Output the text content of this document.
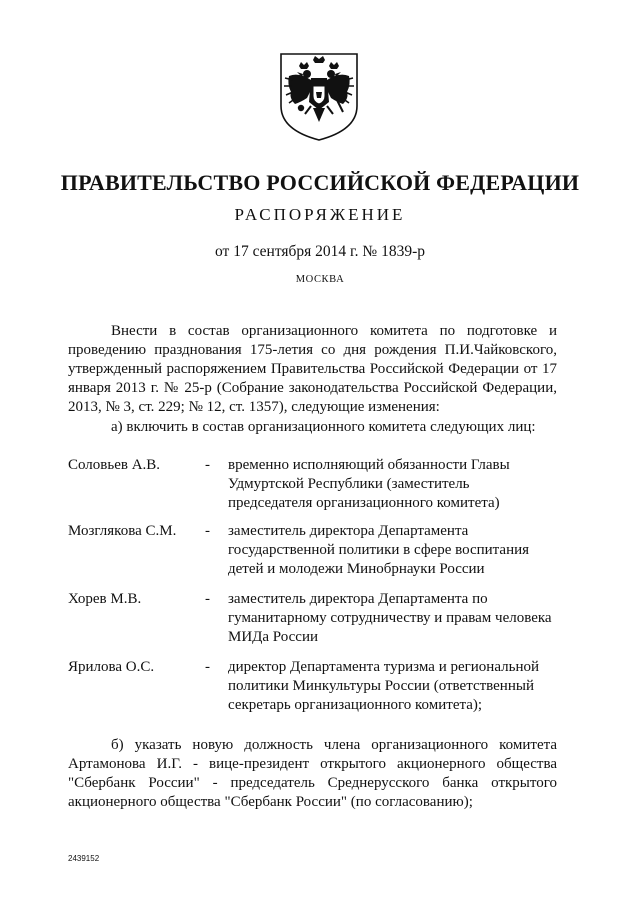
ПРАВИТЕЛЬСТВО РОССИЙСКОЙ ФЕДЕРАЦИИ
РАСПОРЯЖЕНИЕ
от 17 сентября 2014 г. № 1839-р
МОСКВА

Внести в состав организационного комитета по подготовке и проведению празднования 175-летия со дня рождения П.И.Чайковского, утвержденный распоряжением Правительства Российской Федерации от 17 января 2013 г. № 25-р (Собрание законодательства Российской Федерации, 2013, № 3, ст. 229; № 12, ст. 1357), следующие изменения:

а) включить в состав организационного комитета следующих лиц:

Соловьев А.В.	- временно исполняющий обязанности Главы Удмуртской Республики (заместитель председателя организационного комитета)
Мозглякова С.М. - заместитель директора Департамента государственной политики в сфере воспитания детей и молодежи Минобрнауки России
Хорев М.В.	- заместитель директора Департамента по гуманитарному сотрудничеству и правам человека МИДа России
Ярилова О.С.	- директор Департамента туризма и региональной политики Минкультуры России (ответственный секретарь организационного комитета);

б) указать новую должность члена организационного комитета Артамонова И.Г. - вице-президент открытого акционерного общества "Сбербанк России" - председатель Среднерусского банка открытого акционерного общества "Сбербанк России" (по согласованию);

2439152
